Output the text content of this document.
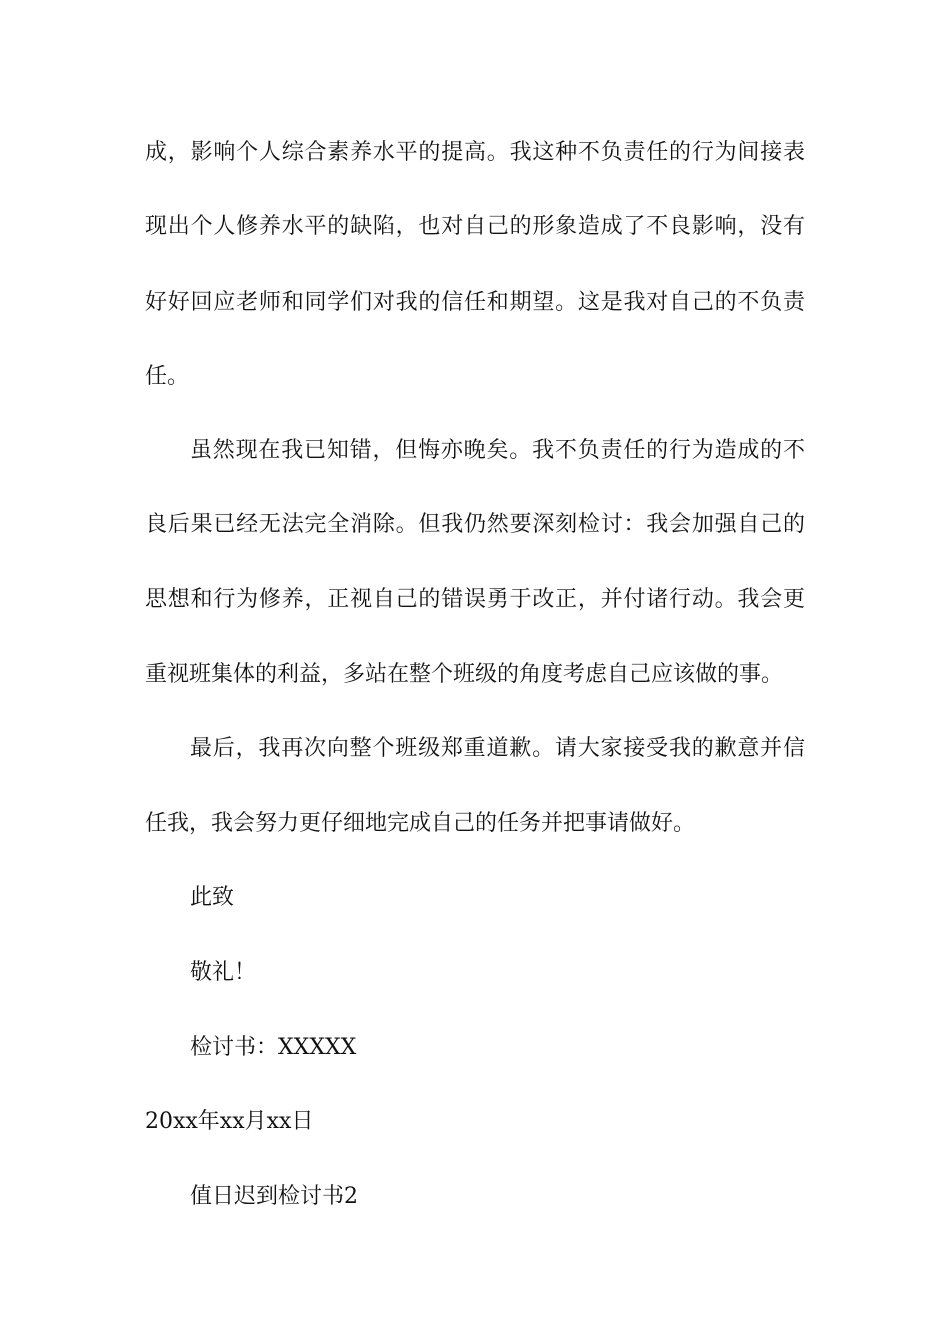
成，影响个人综合素养水平的提高。我这种不负责任的行为间接表
现出个人修养水平的缺陷，也对自己的形象造成了不良影响，没有
好好回应老师和同学们对我的信任和期望。这是我对自己的不负责
任。
虽然现在我已知错，但悔亦晚矣。我不负责任的行为造成的不
良后果已经无法完全消除。但我仍然要深刻检讨：我会加强自己的
思想和行为修养，正视自己的错误勇于改正，并付诸行动。我会更
重视班集体的利益，多站在整个班级的角度考虑自己应该做的事。
最后，我再次向整个班级郑重道歉。请大家接受我的歉意并信
任我，我会努力更仔细地完成自己的任务并把事请做好。
此致
敬礼！
检讨书：XXXXX
20xx年xx月xx日
值日迟到检讨书2
